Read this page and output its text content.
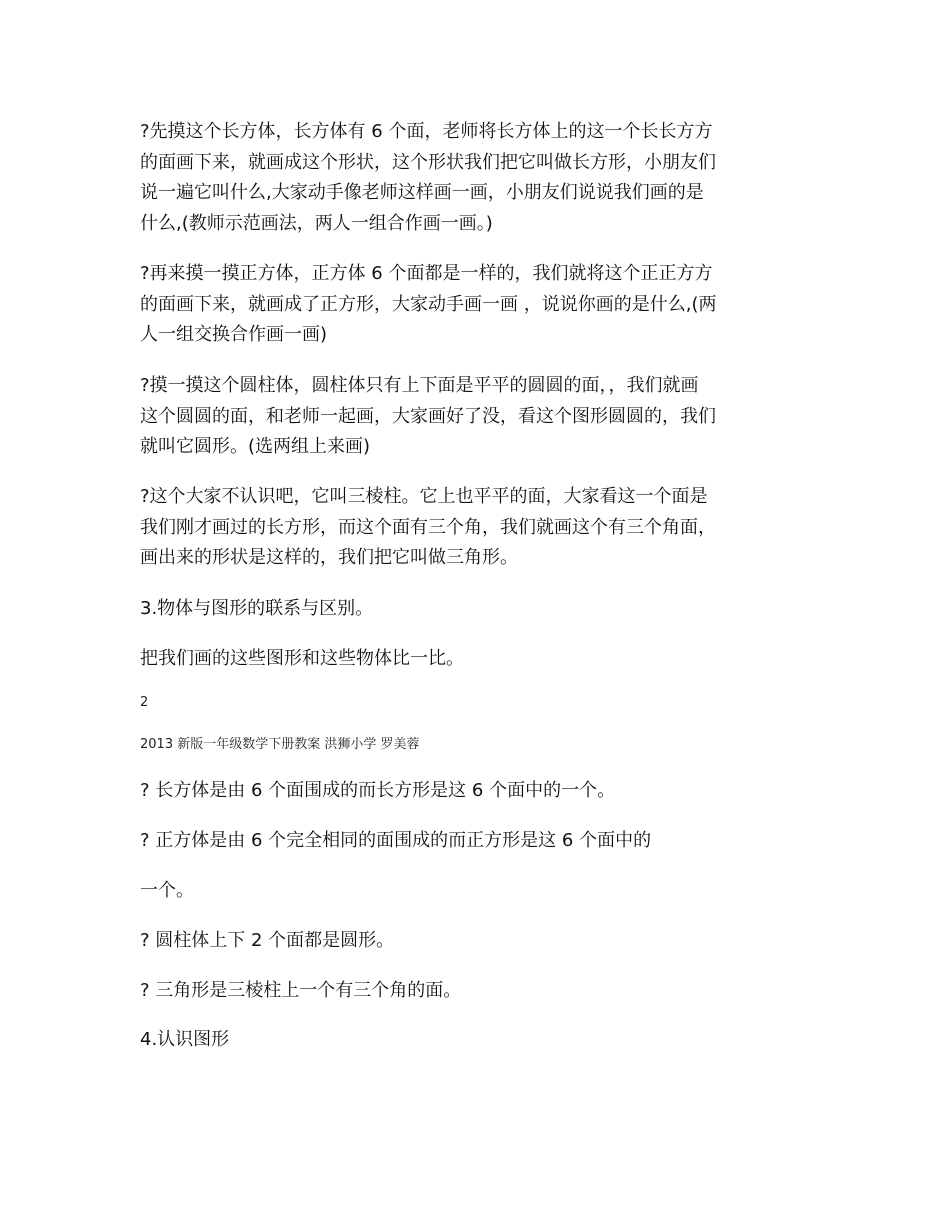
?先摸这个长方体，长方体有 6 个面，老师将长方体上的这一个长长方方
的面画下来，就画成这个形状，这个形状我们把它叫做长方形，小朋友们
说一遍它叫什么,大家动手像老师这样画一画，小朋友们说说我们画的是
什么,(教师示范画法，两人一组合作画一画。)

?再来摸一摸正方体，正方体 6 个面都是一样的，我们就将这个正正方方
的面画下来，就画成了正方形，大家动手画一画 ，说说你画的是什么,(两
人一组交换合作画一画)

?摸一摸这个圆柱体，圆柱体只有上下面是平平的圆圆的面，，我们就画
这个圆圆的面，和老师一起画，大家画好了没，看这个图形圆圆的，我们
就叫它圆形。(选两组上来画)

?这个大家不认识吧，它叫三棱柱。它上也平平的面，大家看这一个面是
我们刚才画过的长方形，而这个面有三个角，我们就画这个有三个角面，
画出来的形状是这样的，我们把它叫做三角形。

3.物体与图形的联系与区别。

把我们画的这些图形和这些物体比一比。

2

2013 新版一年级数学下册教案 洪狮小学 罗美蓉

? 长方体是由 6 个面围成的而长方形是这 6 个面中的一个。

? 正方体是由 6 个完全相同的面围成的而正方形是这 6 个面中的

一个。

? 圆柱体上下 2 个面都是圆形。

? 三角形是三棱柱上一个有三个角的面。

4.认识图形
